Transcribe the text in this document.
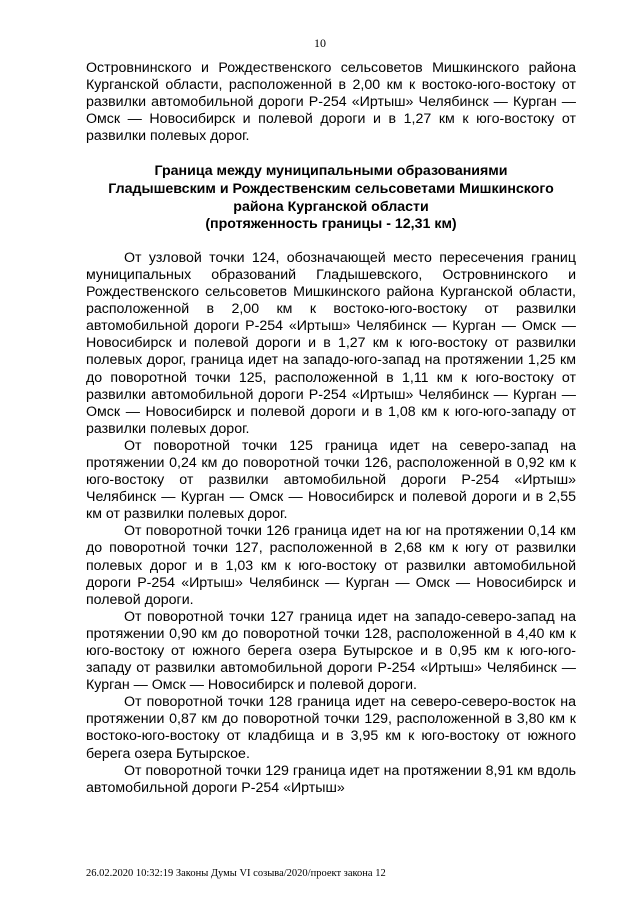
10

Островнинского и Рождественского сельсоветов Мишкинского района Курганской области, расположенной в 2,00 км к востоко-юго-востоку от развилки автомобильной дороги Р-254 «Иртыш» Челябинск — Курган — Омск — Новосибирск и полевой дороги и в 1,27 км к юго-востоку от развилки полевых дорог.

Граница между муниципальными образованиями
Гладышевским и Рождественским сельсоветами Мишкинского
района Курганской области
(протяженность границы - 12,31 км)

От узловой точки 124, обозначающей место пересечения границ муниципальных образований Гладышевского, Островнинского и Рождественского сельсоветов Мишкинского района Курганской области, расположенной в 2,00 км к востоко-юго-востоку от развилки автомобильной дороги Р-254 «Иртыш» Челябинск — Курган — Омск — Новосибирск и полевой дороги и в 1,27 км к юго-востоку от развилки полевых дорог, граница идет на западо-юго-запад на протяжении 1,25 км до поворотной точки 125, расположенной в 1,11 км к юго-востоку от развилки автомобильной дороги Р-254 «Иртыш» Челябинск — Курган — Омск — Новосибирск и полевой дороги и в 1,08 км к юго-юго-западу от развилки полевых дорог.

От поворотной точки 125 граница идет на северо-запад на протяжении 0,24 км до поворотной точки 126, расположенной в 0,92 км к юго-востоку от развилки автомобильной дороги Р-254 «Иртыш» Челябинск — Курган — Омск — Новосибирск и полевой дороги и в 2,55 км от развилки полевых дорог.

От поворотной точки 126 граница идет на юг на протяжении 0,14 км до поворотной точки 127, расположенной в 2,68 км к югу от развилки полевых дорог и в 1,03 км к юго-востоку от развилки автомобильной дороги Р-254 «Иртыш» Челябинск — Курган — Омск — Новосибирск и полевой дороги.

От поворотной точки 127 граница идет на западо-северо-запад на протяжении 0,90 км до поворотной точки 128, расположенной в 4,40 км к юго-востоку от южного берега озера Бутырское и в 0,95 км к юго-юго-западу от развилки автомобильной дороги Р-254 «Иртыш» Челябинск — Курган — Омск — Новосибирск и полевой дороги.

От поворотной точки 128 граница идет на северо-северо-восток на протяжении 0,87 км до поворотной точки 129, расположенной в 3,80 км к востоко-юго-востоку от кладбища и в 3,95 км к юго-востоку от южного берега озера Бутырское.

От поворотной точки 129 граница идет на протяжении 8,91 км вдоль автомобильной дороги Р-254 «Иртыш»

26.02.2020 10:32:19 Законы Думы VI созыва/2020/проект закона 12
